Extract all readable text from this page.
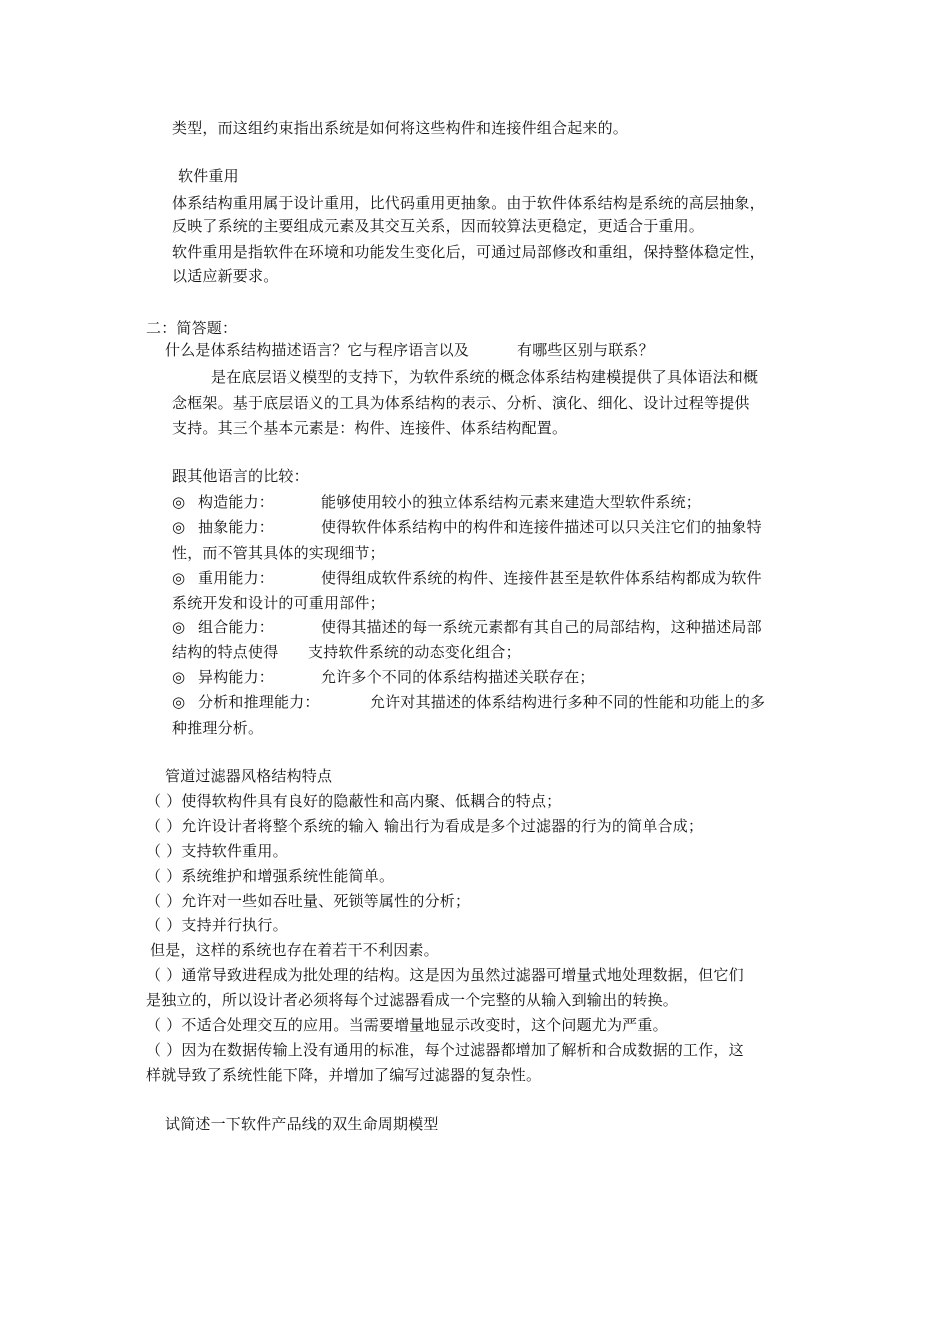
类型，而这组约束指出系统是如何将这些构件和连接件组合起来的。
软件重用
体系结构重用属于设计重用，比代码重用更抽象。由于软件体系结构是系统的高层抽象，
反映了系统的主要组成元素及其交互关系，因而较算法更稳定，更适合于重用。
软件重用是指软件在环境和功能发生变化后，可通过局部修改和重组，保持整体稳定性，
以适应新要求。
二：简答题：
什么是体系结构描述语言？它与程序语言以及	有哪些区别与联系？
是在底层语义模型的支持下，为软件系统的概念体系结构建模提供了具体语法和概
念框架。基于底层语义的工具为体系结构的表示、分析、演化、细化、设计过程等提供
支持。其三个基本元素是：构件、连接件、体系结构配置。
跟其他语言的比较：
◎ 构造能力：	能够使用较小的独立体系结构元素来建造大型软件系统；
◎ 抽象能力：	使得软件体系结构中的构件和连接件描述可以只关注它们的抽象特
性，而不管其具体的实现细节；
◎ 重用能力：	使得组成软件系统的构件、连接件甚至是软件体系结构都成为软件
系统开发和设计的可重用部件；
◎ 组合能力：	使得其描述的每一系统元素都有其自己的局部结构，这种描述局部
结构的特点使得 支持软件系统的动态变化组合；
◎ 异构能力：	允许多个不同的体系结构描述关联存在；
◎ 分析和推理能力：	允许对其描述的体系结构进行多种不同的性能和功能上的多
种推理分析。
管道过滤器风格结构特点
（ ）使得软构件具有良好的隐蔽性和高内聚、低耦合的特点；
（ ）允许设计者将整个系统的输入 输出行为看成是多个过滤器的行为的简单合成；
（ ）支持软件重用。
（ ）系统维护和增强系统性能简单。
（ ）允许对一些如吞吐量、死锁等属性的分析；
（ ）支持并行执行。
但是，这样的系统也存在着若干不利因素。
（ ）通常导致进程成为批处理的结构。这是因为虽然过滤器可增量式地处理数据，但它们
是独立的，所以设计者必须将每个过滤器看成一个完整的从输入到输出的转换。
（ ）不适合处理交互的应用。当需要增量地显示改变时，这个问题尤为严重。
（ ）因为在数据传输上没有通用的标准，每个过滤器都增加了解析和合成数据的工作，这
样就导致了系统性能下降，并增加了编写过滤器的复杂性。
试简述一下软件产品线的双生命周期模型
